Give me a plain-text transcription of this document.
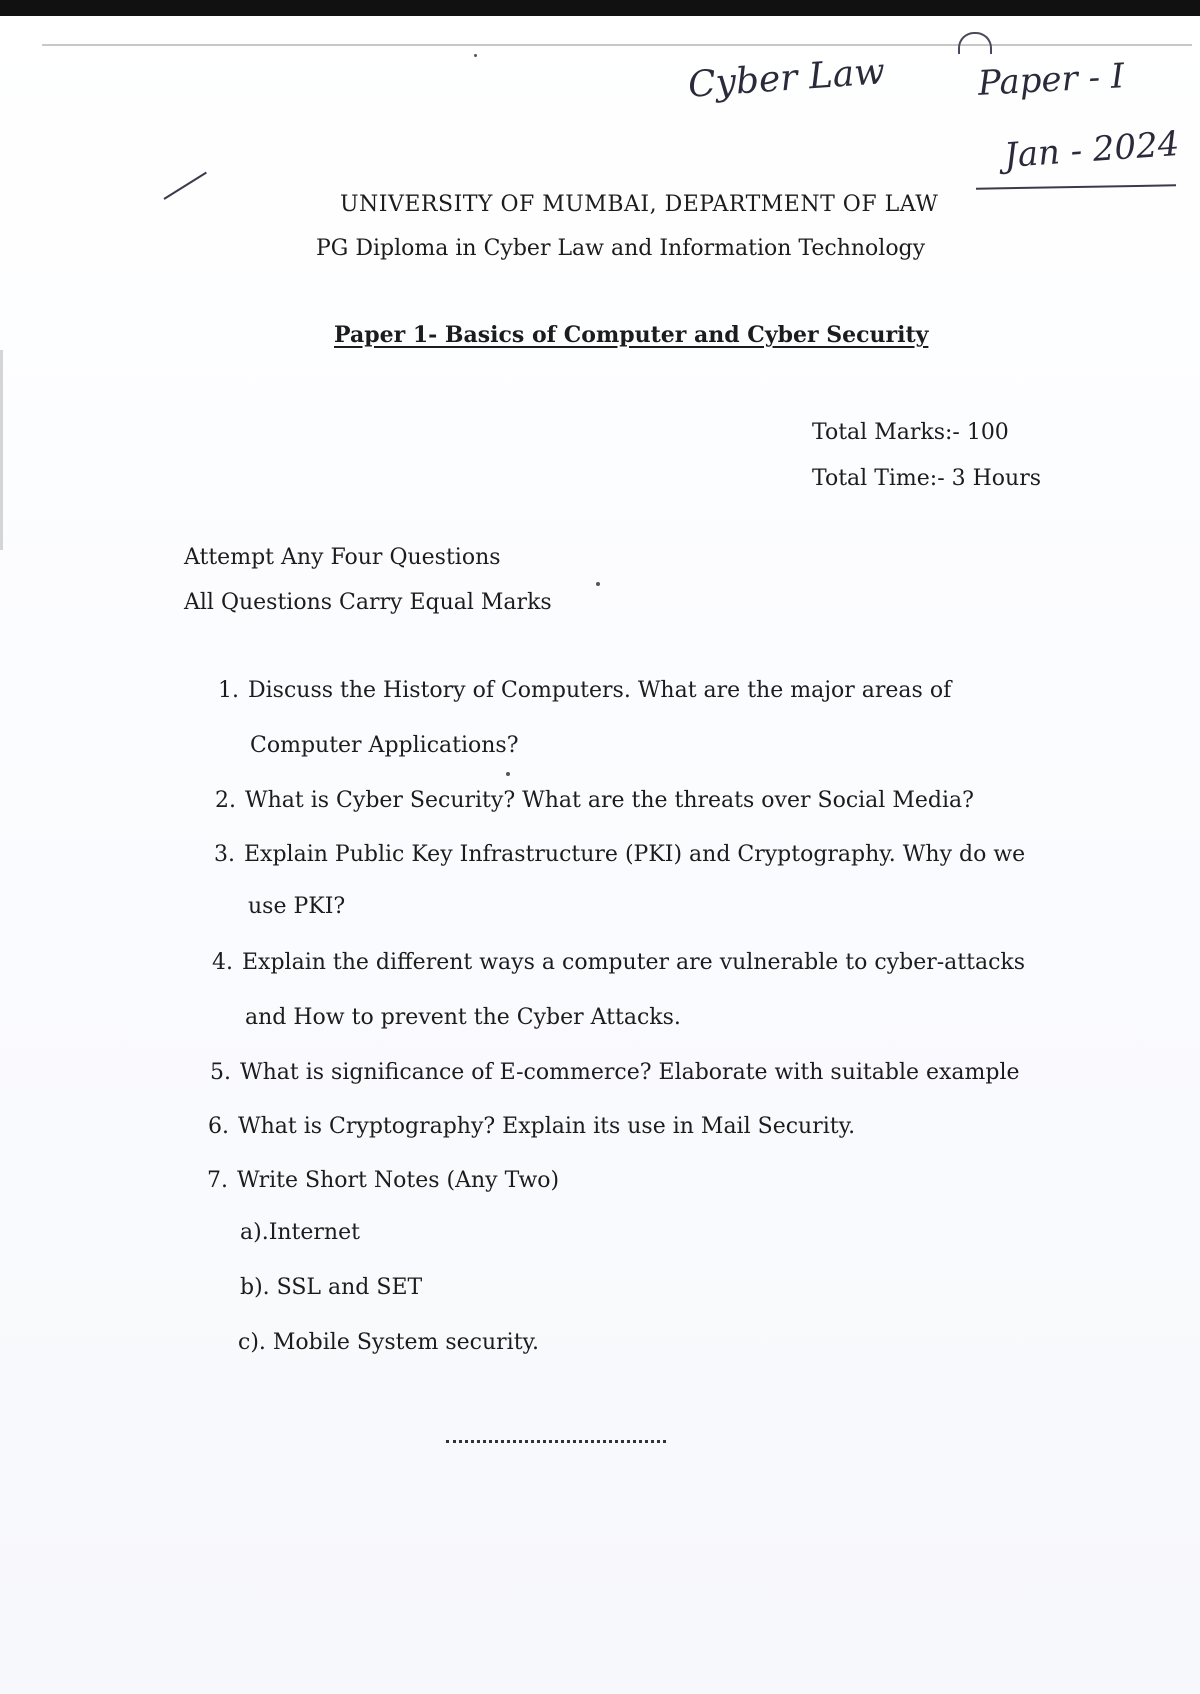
Cyber Law	Paper - I
Jan - 2024
UNIVERSITY OF MUMBAI, DEPARTMENT OF LAW
PG Diploma in Cyber Law and Information Technology
Paper 1- Basics of Computer and Cyber Security
Total Marks:- 100
Total Time:- 3 Hours
Attempt Any Four Questions
All Questions Carry Equal Marks
1. Discuss the History of Computers. What are the major areas of
Computer Applications?
2. What is Cyber Security? What are the threats over Social Media?
3. Explain Public Key Infrastructure (PKI) and Cryptography. Why do we
use PKI?
4. Explain the different ways a computer are vulnerable to cyber-attacks
and How to prevent the Cyber Attacks.
5. What is significance of E-commerce? Elaborate with suitable example
6. What is Cryptography? Explain its use in Mail Security.
7. Write Short Notes (Any Two)
a).Internet
b). SSL and SET
c). Mobile System security.
